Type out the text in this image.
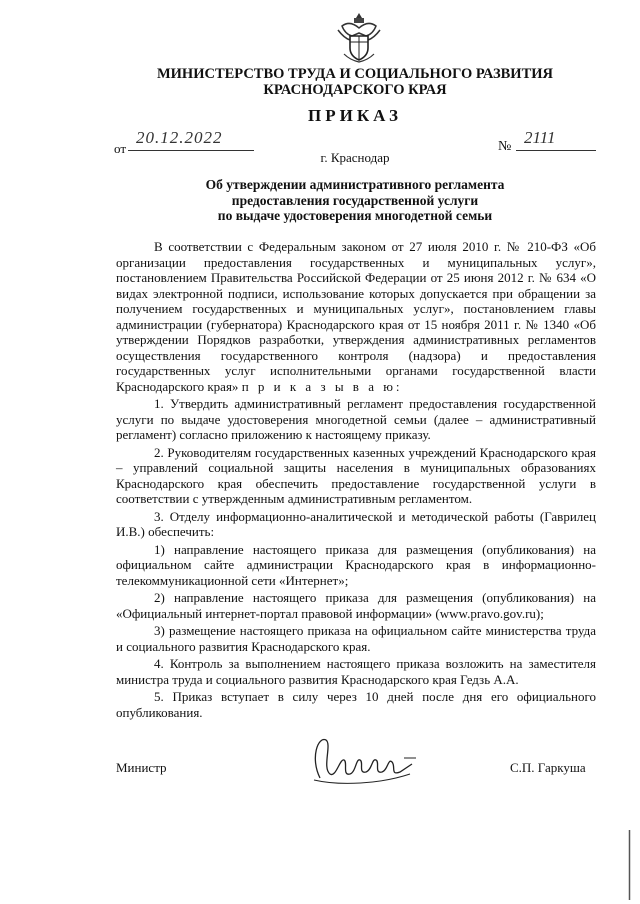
МИНИСТЕРСТВО ТРУДА И СОЦИАЛЬНОГО РАЗВИТИЯ
КРАСНОДАРСКОГО КРАЯ
ПРИКАЗ
от
20.12.2022	№ 2111
г. Краснодар
Об утверждении административного регламента
предоставления государственной услуги
по выдаче удостоверения многодетной семьи

В соответствии с Федеральным законом от 27 июля 2010 г. № 210-ФЗ «Об организации предоставления государственных и муниципальных услуг», постановлением Правительства Российской Федерации от 25 июня 2012 г. № 634 «О видах электронной подписи, использование которых допускается при обращении за получением государственных и муниципальных услуг», постановлением главы администрации (губернатора) Краснодарского края от 15 ноября 2011 г. № 1340 «Об утверждении Порядков разработки, утверждения административных регламентов осуществления государственного контроля (надзора) и предоставления государственных услуг исполнительными органами государственной власти Краснодарского края» п р и к а з ы в а ю:

1. Утвердить административный регламент предоставления государственной услуги по выдаче удостоверения многодетной семьи (далее – административный регламент) согласно приложению к настоящему приказу.

2. Руководителям государственных казенных учреждений Краснодарского края – управлений социальной защиты населения в муниципальных образованиях Краснодарского края обеспечить предоставление государственной услуги в соответствии с утвержденным административным регламентом.

3. Отделу информационно-аналитической и методической работы (Гаврилец И.В.) обеспечить:

1) направление настоящего приказа для размещения (опубликования) на официальном сайте администрации Краснодарского края в информационно-телекоммуникационной сети «Интернет»;

2) направление настоящего приказа для размещения (опубликования) на «Официальный интернет-портал правовой информации» (www.pravo.gov.ru);

3) размещение настоящего приказа на официальном сайте министерства труда и социального развития Краснодарского края.

4. Контроль за выполнением настоящего приказа возложить на заместителя министра труда и социального развития Краснодарского края Гедзь А.А.

5. Приказ вступает в силу через 10 дней после дня его официального опубликования.

Министр	С.П. Гаркуша
